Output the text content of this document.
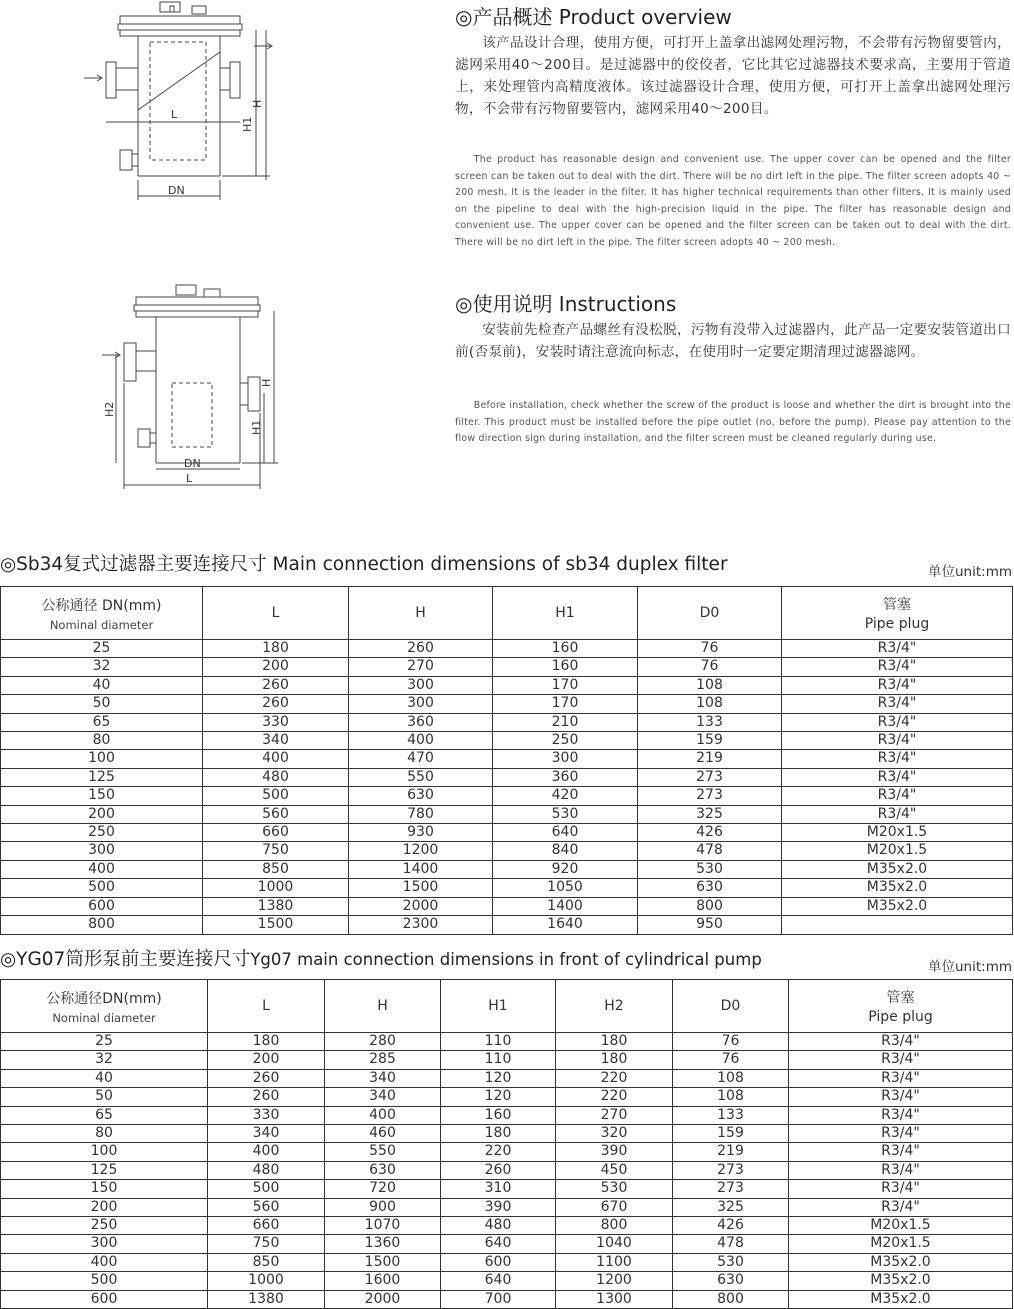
DN
L
H
H1
DN
L
H
H1
H2
◎产品概述 Product overview
该产品设计合理，使用方便，可打开上盖拿出滤网处理污物，不会带有污物留要管内，滤网采用40～200目。是过滤器中的佼佼者，它比其它过滤器技术要求高，主要用于管道上，来处理管内高精度液体。该过滤器设计合理，使用方便，可打开上盖拿出滤网处理污物，不会带有污物留要管内，滤网采用40～200目。
The product has reasonable design and convenient use. The upper cover can be opened and the filter screen can be taken out to deal with the dirt. There will be no dirt left in the pipe. The filter screen adopts 40 ~ 200 mesh. It is the leader in the filter. It has higher technical requirements than other filters. It is mainly used on the pipeline to deal with the high-precision liquid in the pipe. The filter has reasonable design and convenient use. The upper cover can be opened and the filter screen can be taken out to deal with the dirt. There will be no dirt left in the pipe. The filter screen adopts 40 ~ 200 mesh.
◎使用说明 Instructions
安装前先检查产品螺丝有没松脱，污物有没带入过滤器内，此产品一定要安装管道出口前(否泵前)，安装时请注意流向标志，在使用时一定要定期清理过滤器滤网。
Before installation, check whether the screw of the product is loose and whether the dirt is brought into the filter. This product must be installed before the pipe outlet (no, before the pump). Please pay attention to the flow direction sign during installation, and the filter screen must be cleaned regularly during use.
◎Sb34复式过滤器主要连接尺寸 Main connection dimensions of sb34 duplex filter	单位unit:mm
公称通径 DN(mm)
Nominal diameter	L	H	H1	D0	管塞
Pipe plug

25	180	260	160	76	R3/4"
32	200	270	160	76	R3/4"
40	260	300	170	108	R3/4"
50	260	300	170	108	R3/4"
65	330	360	210	133	R3/4"
80	340	400	250	159	R3/4"
100	400	470	300	219	R3/4"
125	480	550	360	273	R3/4"
150	500	630	420	273	R3/4"
200	560	780	530	325	R3/4"
250	660	930	640	426	M20x1.5
300	750	1200	840	478	M20x1.5
400	850	1400	920	530	M35x2.0
500	1000	1500	1050	630	M35x2.0
600	1380	2000	1400	800	M35x2.0
800	1500	2300	1640	950	
◎YG07筒形泵前主要连接尺寸Yg07 main connection dimensions in front of cylindrical pump	单位unit:mm
公称通径DN(mm)
Nominal diameter	L	H	H1	H2	D0	管塞
Pipe plug

25	180	280	110	180	76	R3/4"
32	200	285	110	180	76	R3/4"
40	260	340	120	220	108	R3/4"
50	260	340	120	220	108	R3/4"
65	330	400	160	270	133	R3/4"
80	340	460	180	320	159	R3/4"
100	400	550	220	390	219	R3/4"
125	480	630	260	450	273	R3/4"
150	500	720	310	530	273	R3/4"
200	560	900	390	670	325	R3/4"
250	660	1070	480	800	426	M20x1.5
300	750	1360	640	1040	478	M20x1.5
400	850	1500	600	1100	530	M35x2.0
500	1000	1600	640	1200	630	M35x2.0
600	1380	2000	700	1300	800	M35x2.0
